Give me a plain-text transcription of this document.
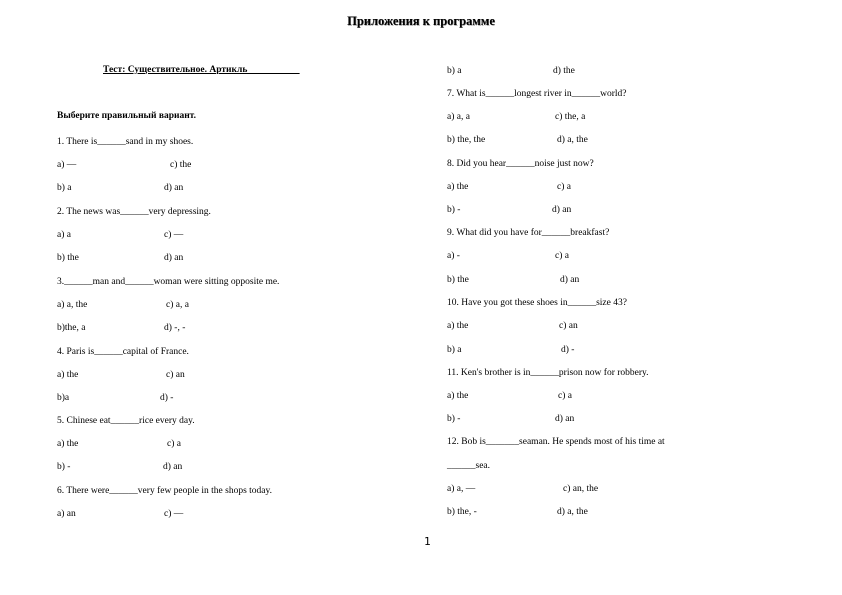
Приложения к программе
Тест: Существительное. Артикль
Выберите правильный вариант.
1. There is______sand in my shoes.
a) —	c) the
b) a	d) an
2. The news was______very depressing.
a) a	c) —
b) the	d) an
3.______man and______woman were sitting opposite me.
a) a, the	c) a, a
b)the, a	d) -, -
4. Paris is______capital of France.
a) the	c) an
b)a	d) -
5. Chinese eat______rice every day.
a) the	c) a
b) -	d) an
6. There were______very few people in the shops today.
a) an	c) —
b) a	d) the
7. What is______longest river in______world?
a) a, a	c) the, a
b) the, the	d) a, the
8. Did you hear______noise just now?
a) the	c) a
b) -	d) an
9. What did you have for______breakfast?
a) -	c) a
b) the	d) an
10. Have you got these shoes in______size 43?
a) the	c) an
b) a	d) -
11. Ken's brother is in______prison now for robbery.
a) the	c) a
b) -	d) an
12. Bob is_______seaman. He spends most of his time at
______sea.
a) a, —	c) an, the
b) the, -	d) a, the
1
